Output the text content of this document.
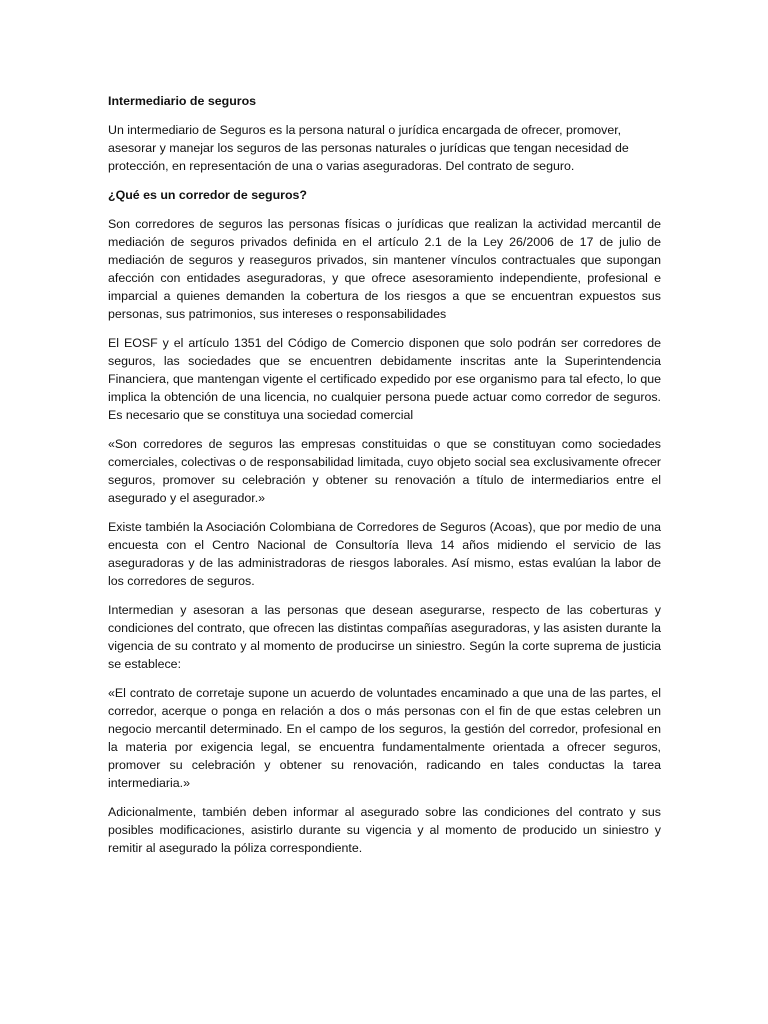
Intermediario de seguros

Un intermediario de Seguros es la persona natural o jurídica encargada de ofrecer, promover, asesorar y manejar los seguros de las personas naturales o jurídicas que tengan necesidad de protección, en representación de una o varias aseguradoras. Del contrato de seguro.

¿Qué es un corredor de seguros?

Son corredores de seguros las personas físicas o jurídicas que realizan la actividad mercantil de mediación de seguros privados definida en el artículo 2.1 de la Ley 26/2006 de 17 de julio de mediación de seguros y reaseguros privados, sin mantener vínculos contractuales que supongan afección con entidades aseguradoras, y que ofrece asesoramiento independiente, profesional e imparcial a quienes demanden la cobertura de los riesgos a que se encuentran expuestos sus personas, sus patrimonios, sus intereses o responsabilidades

El EOSF y el artículo 1351 del Código de Comercio disponen que solo podrán ser corredores de seguros, las sociedades que se encuentren debidamente inscritas ante la Superintendencia Financiera, que mantengan vigente el certificado expedido por ese organismo para tal efecto, lo que implica la obtención de una licencia, no cualquier persona puede actuar como corredor de seguros. Es necesario que se constituya una sociedad comercial

«Son corredores de seguros las empresas constituidas o que se constituyan como sociedades comerciales, colectivas o de responsabilidad limitada, cuyo objeto social sea exclusivamente ofrecer seguros, promover su celebración y obtener su renovación a título de intermediarios entre el asegurado y el asegurador.»

Existe también la Asociación Colombiana de Corredores de Seguros (Acoas), que por medio de una encuesta con el Centro Nacional de Consultoría lleva 14 años midiendo el servicio de las aseguradoras y de las administradoras de riesgos laborales. Así mismo, estas evalúan la labor de los corredores de seguros.

Intermedian y asesoran a las personas que desean asegurarse, respecto de las coberturas y condiciones del contrato, que ofrecen las distintas compañías aseguradoras, y las asisten durante la vigencia de su contrato y al momento de producirse un siniestro. Según la corte suprema de justicia se establece:

«El contrato de corretaje supone un acuerdo de voluntades encaminado a que una de las partes, el corredor, acerque o ponga en relación a dos o más personas con el fin de que estas celebren un negocio mercantil determinado. En el campo de los seguros, la gestión del corredor, profesional en la materia por exigencia legal, se encuentra fundamentalmente orientada a ofrecer seguros, promover su celebración y obtener su renovación, radicando en tales conductas la tarea intermediaria.»

Adicionalmente, también deben informar al asegurado sobre las condiciones del contrato y sus posibles modificaciones, asistirlo durante su vigencia y al momento de producido un siniestro y remitir al asegurado la póliza correspondiente.
